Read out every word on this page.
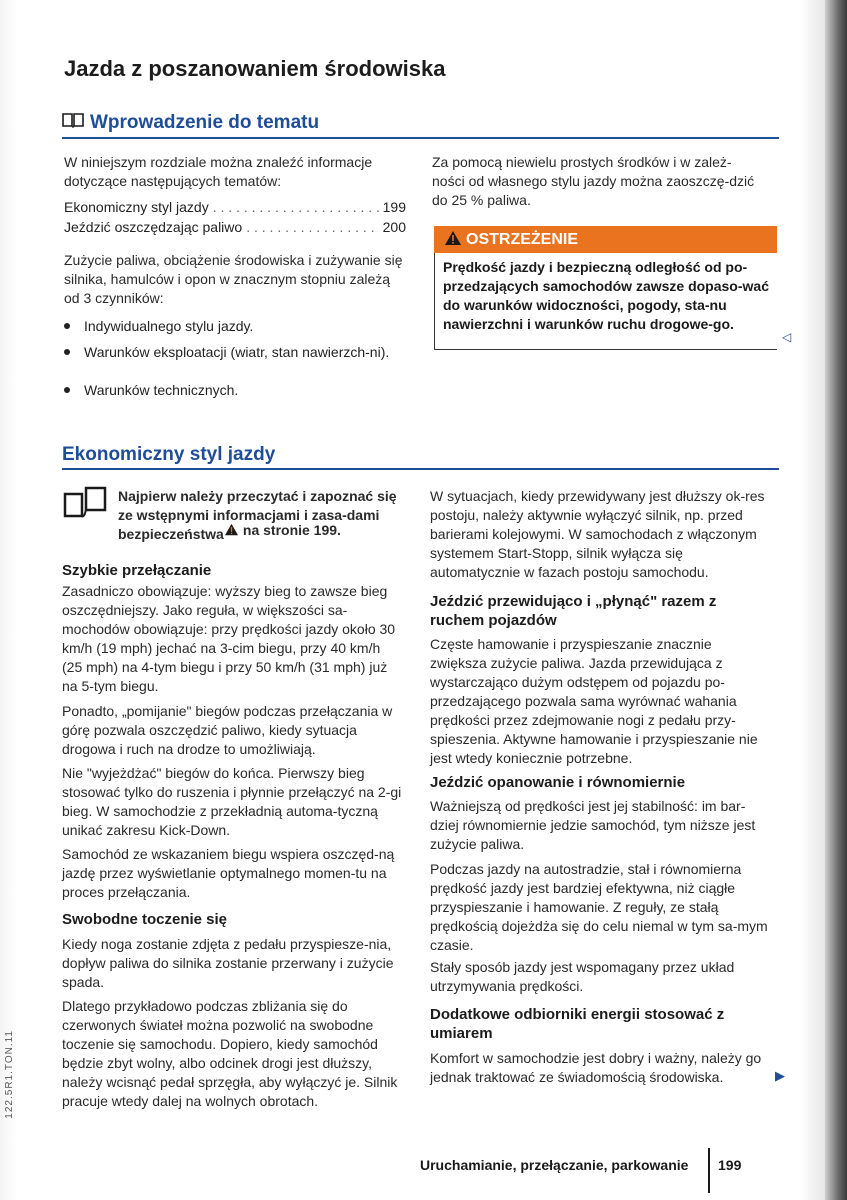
Jazda z poszanowaniem środowiska
Wprowadzenie do tematu
W niniejszym rozdziale można znaleźć informacje dotyczące następujących tematów:
Ekonomiczny styl jazdy . . .	199
Jeździć oszczędzając paliwo . . .	200
Zużycie paliwa, obciążenie środowiska i zużywanie się silnika, hamulców i opon w znacznym stopniu zależą od 3 czynników:
Indywidualnego stylu jazdy.
Warunków eksploatacji (wiatr, stan nawierzch-ni).
Warunków technicznych.
Za pomocą niewielu prostych środków i w zależ-ności od własnego stylu jazdy można zaoszczę-dzić do 25 % paliwa.
OSTRZEŻENIE
Prędkość jazdy i bezpieczną odległość od po-przedzających samochodów zawsze dopaso-wać do warunków widoczności, pogody, sta-nu nawierzchni i warunków ruchu drogowe-go.
◁
Ekonomiczny styl jazdy
Najpierw należy przeczytać i zapoznać się ze wstępnymi informacjami i zasa-dami bezpieczeństwa	na stronie 199.
Szybkie przełączanie
Zasadniczo obowiązuje: wyższy bieg to zawsze bieg oszczędniejszy. Jako reguła, w większości sa-mochodów obowiązuje: przy prędkości jazdy około 30 km/h (19 mph) jechać na 3-cim biegu, przy 40 km/h (25 mph) na 4-tym biegu i przy 50 km/h (31 mph) już na 5-tym biegu.
Ponadto, „pomijanie" biegów podczas przełączania w górę pozwala oszczędzić paliwo, kiedy sytuacja drogowa i ruch na drodze to umożliwiają.
Nie "wyjeżdżać" biegów do końca. Pierwszy bieg stosować tylko do ruszenia i płynnie przełączyć na 2-gi bieg. W samochodzie z przekładnią automa-tyczną unikać zakresu Kick-Down.
Samochód ze wskazaniem biegu wspiera oszczęd-ną jazdę przez wyświetlanie optymalnego momen-tu na proces przełączania.
Swobodne toczenie się
Kiedy noga zostanie zdjęta z pedału przyspiesze-nia, dopływ paliwa do silnika zostanie przerwany i zużycie spada.
Dlatego przykładowo podczas zbliżania się do czerwonych świateł można pozwolić na swobodne toczenie się samochodu. Dopiero, kiedy samochód będzie zbyt wolny, albo odcinek drogi jest dłuższy, należy wcisnąć pedał sprzęgła, aby wyłączyć je. Silnik pracuje wtedy dalej na wolnych obrotach.
W sytuacjach, kiedy przewidywany jest dłuższy ok-res postoju, należy aktywnie wyłączyć silnik, np. przed barierami kolejowymi. W samochodach z włączonym systemem Start-Stopp, silnik wyłącza się automatycznie w fazach postoju samochodu.
Jeździć przewidująco i „płynąć" razem z ruchem pojazdów
Częste hamowanie i przyspieszanie znacznie zwiększa zużycie paliwa. Jazda przewidująca z wystarczająco dużym odstępem od pojazdu po-przedzającego pozwala sama wyrównać wahania prędkości przez zdejmowanie nogi z pedału przy-spieszenia. Aktywne hamowanie i przyspieszanie nie jest wtedy koniecznie potrzebne.
Jeździć opanowanie i równomiernie
Ważniejszą od prędkości jest jej stabilność: im bar-dziej równomiernie jedzie samochód, tym niższe jest zużycie paliwa.
Podczas jazdy na autostradzie, stał i równomierna prędkość jazdy jest bardziej efektywna, niż ciągłe przyspieszanie i hamowanie. Z reguły, ze stałą prędkością dojeżdża się do celu niemal w tym sa-mym czasie.
Stały sposób jazdy jest wspomagany przez układ utrzymywania prędkości.
Dodatkowe odbiorniki energii stosować z umiarem
Komfort w samochodzie jest dobry i ważny, należy go jednak traktować ze świadomością środowiska.	▶
Uruchamianie, przełączanie, parkowanie 199
122.5R1.TON.11
